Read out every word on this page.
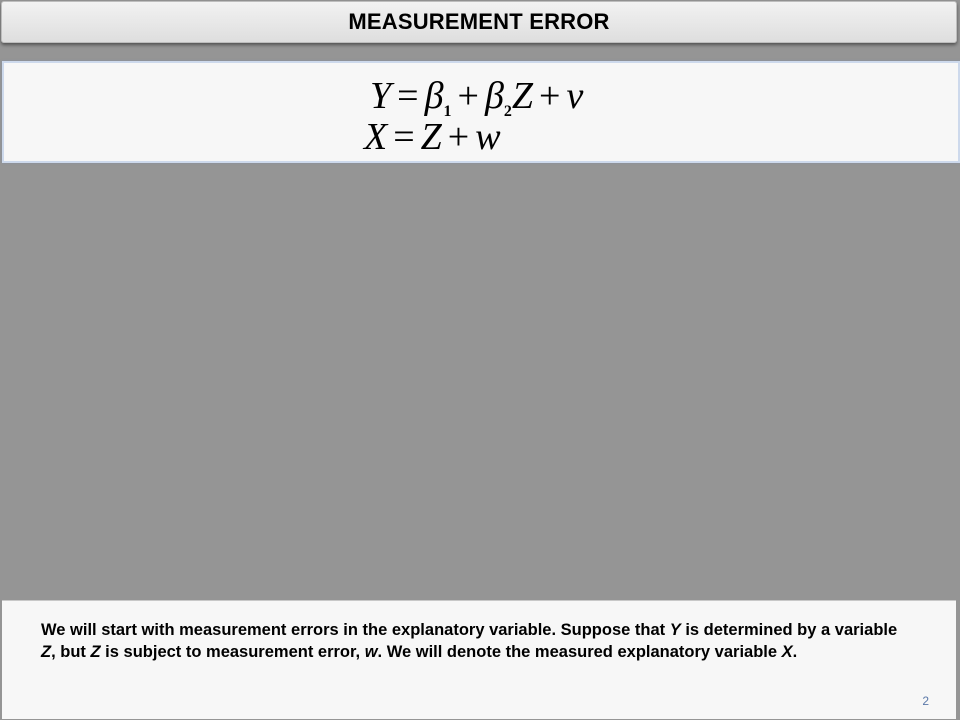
MEASUREMENT ERROR
$Y = \beta_1 + \beta_2Z + v$
X = Z + w

We will start with measurement errors in the explanatory variable. Suppose that Y is determined by a variable Z, but Z is subject to measurement error, w. We will denote the measured explanatory variable X.

2
